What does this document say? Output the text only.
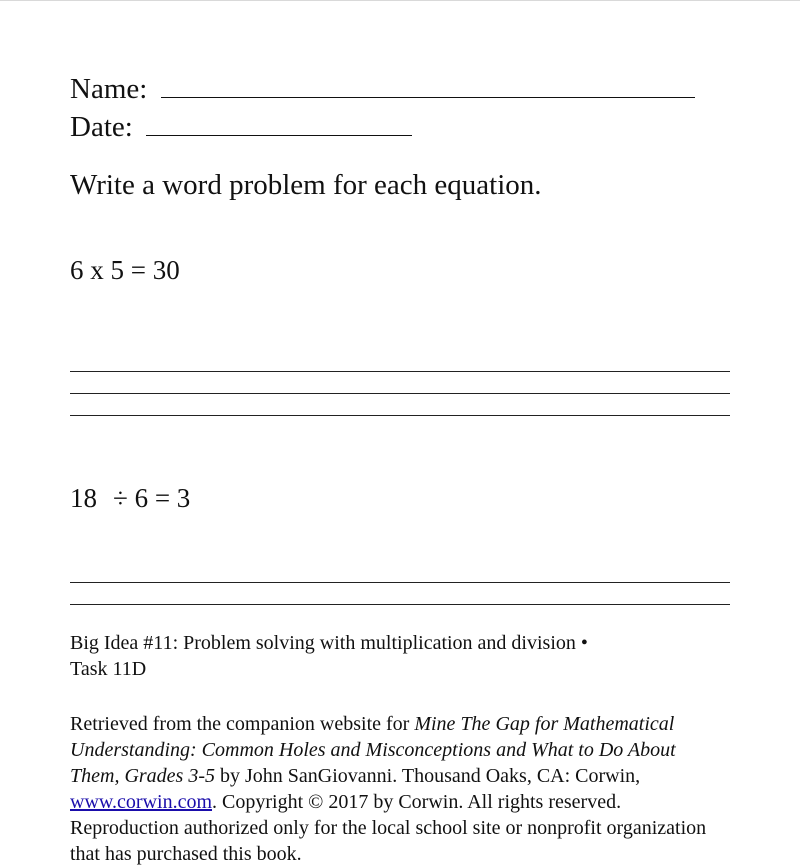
Name:
Date:
Write a word problem for each equation.
6 x 5 = 30
18 ÷ 6 = 3
Big Idea #11: Problem solving with multiplication and division •
Task 11D
Retrieved from the companion website for Mine The Gap for Mathematical Understanding: Common Holes and Misconceptions and What to Do About Them, Grades 3-5 by John SanGiovanni. Thousand Oaks, CA: Corwin, www.corwin.com. Copyright © 2017 by Corwin. All rights reserved. Reproduction authorized only for the local school site or nonprofit organization that has purchased this book.
